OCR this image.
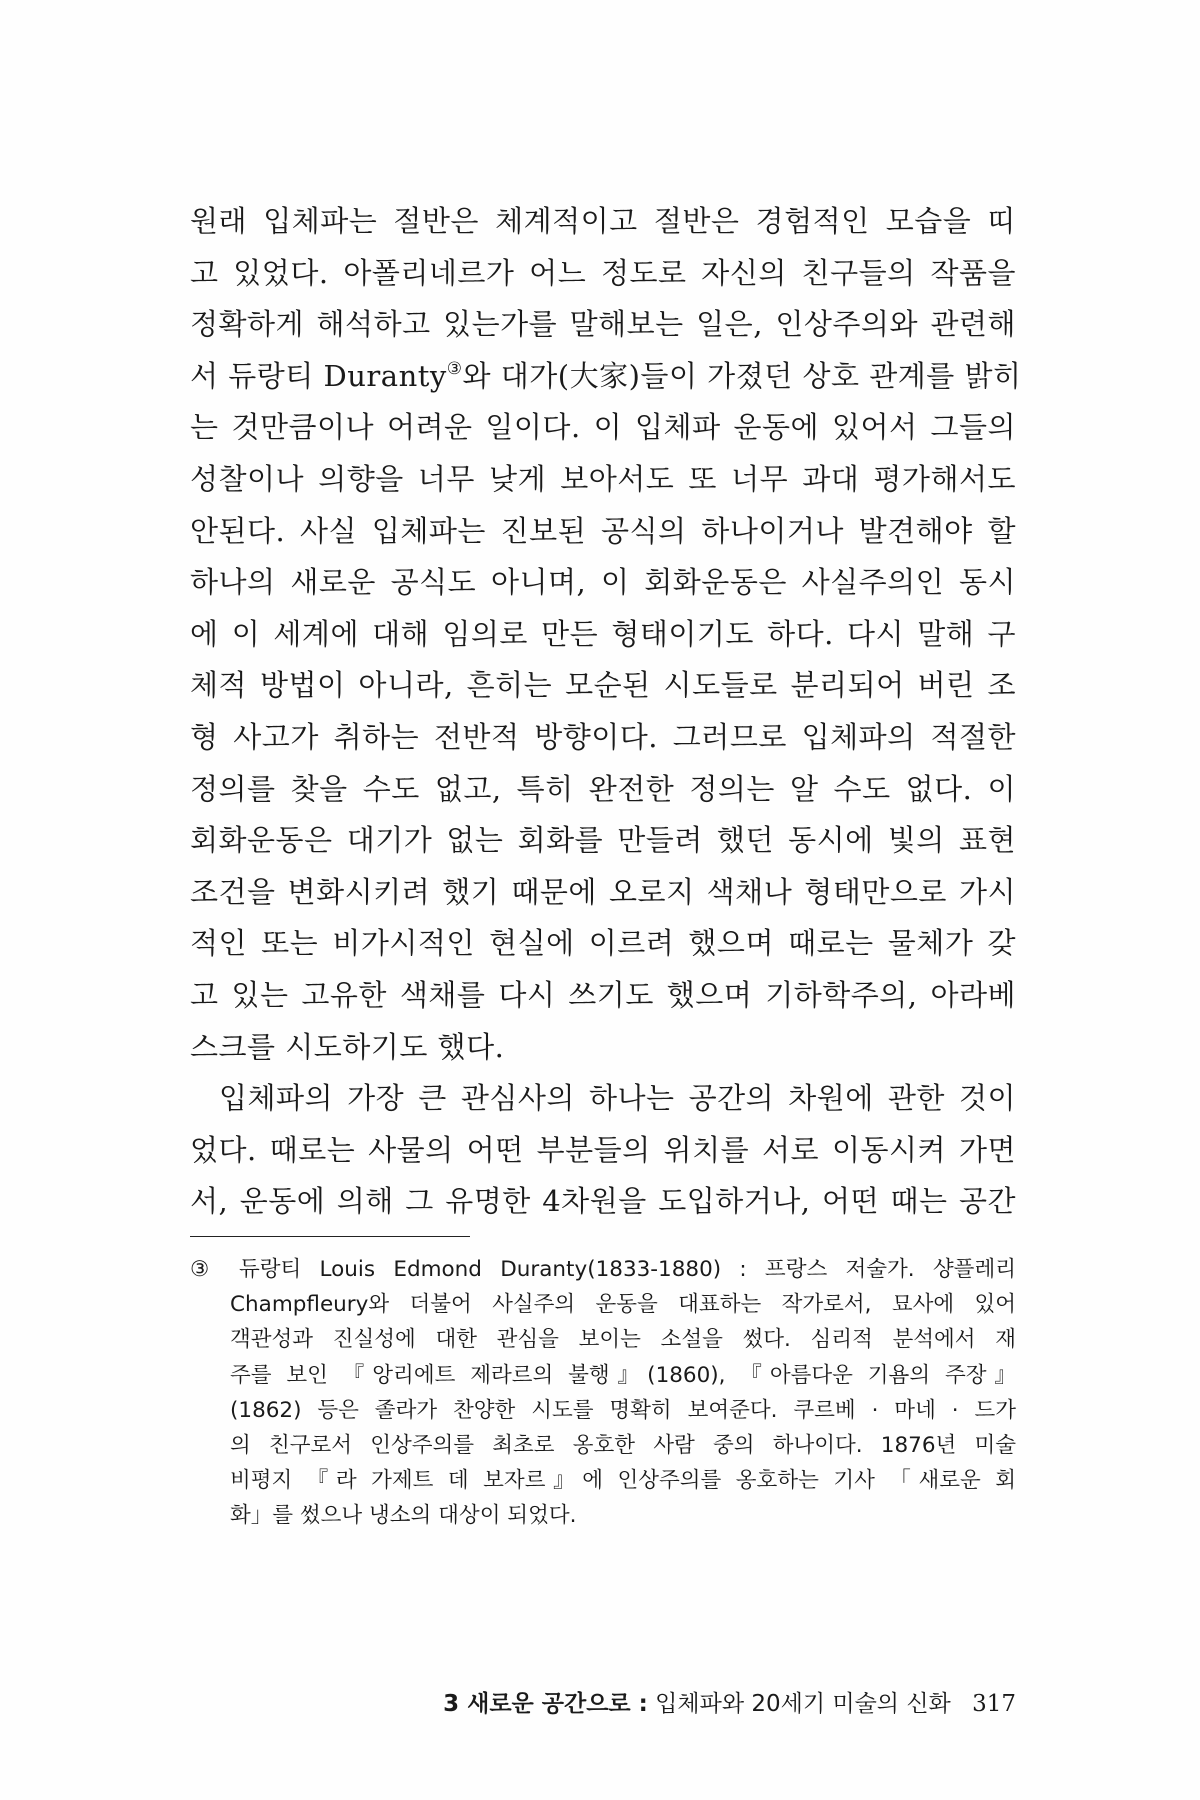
원래 입체파는 절반은 체계적이고 절반은 경험적인 모습을 띠
고 있었다. 아폴리네르가 어느 정도로 자신의 친구들의 작품을
정확하게 해석하고 있는가를 말해보는 일은, 인상주의와 관련해
서 듀랑티 Duranty③와 대가(大家)들이 가졌던 상호 관계를 밝히
는 것만큼이나 어려운 일이다. 이 입체파 운동에 있어서 그들의
성찰이나 의향을 너무 낮게 보아서도 또 너무 과대 평가해서도
안된다. 사실 입체파는 진보된 공식의 하나이거나 발견해야 할
하나의 새로운 공식도 아니며, 이 회화운동은 사실주의인 동시
에 이 세계에 대해 임의로 만든 형태이기도 하다. 다시 말해 구
체적 방법이 아니라, 흔히는 모순된 시도들로 분리되어 버린 조
형 사고가 취하는 전반적 방향이다. 그러므로 입체파의 적절한
정의를 찾을 수도 없고, 특히 완전한 정의는 알 수도 없다. 이
회화운동은 대기가 없는 회화를 만들려 했던 동시에 빛의 표현
조건을 변화시키려 했기 때문에 오로지 색채나 형태만으로 가시
적인 또는 비가시적인 현실에 이르려 했으며 때로는 물체가 갖
고 있는 고유한 색채를 다시 쓰기도 했으며 기하학주의, 아라베
스크를 시도하기도 했다.
입체파의 가장 큰 관심사의 하나는 공간의 차원에 관한 것이
었다. 때로는 사물의 어떤 부분들의 위치를 서로 이동시켜 가면
서, 운동에 의해 그 유명한 4차원을 도입하거나, 어떤 때는 공간
③ 듀랑티 Louis Edmond Duranty(1833-1880) : 프랑스 저술가. 샹플레리
Champfleury와 더불어 사실주의 운동을 대표하는 작가로서, 묘사에 있어
객관성과 진실성에 대한 관심을 보이는 소설을 썼다. 심리적 분석에서 재
주를 보인 『앙리에트 제라르의 불행』(1860), 『아름다운 기욤의 주장』
(1862) 등은 졸라가 찬양한 시도를 명확히 보여준다. 쿠르베 · 마네 · 드가
의 친구로서 인상주의를 최초로 옹호한 사람 중의 하나이다. 1876년 미술
비평지 『라 가제트 데 보자르』에 인상주의를 옹호하는 기사 「새로운 회
화」를 썼으나 냉소의 대상이 되었다.
3 새로운 공간으로 : 입체파와 20세기 미술의 신화 317
